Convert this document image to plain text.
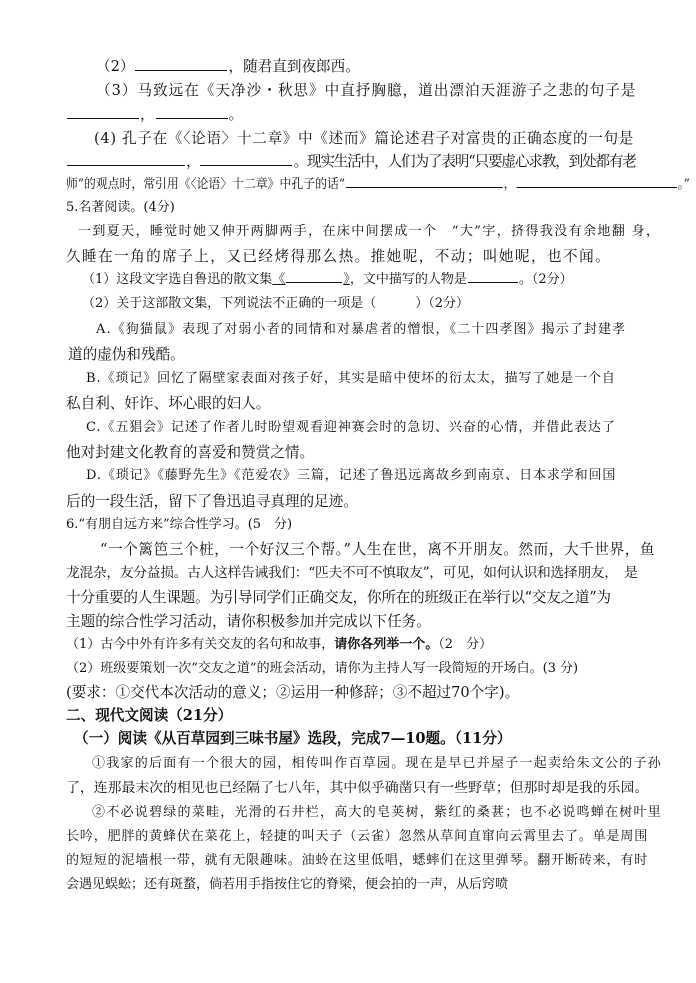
（2）	，随君直到夜郎西。
（3）马致远在《天净沙・秋思》中直抒胸臆，道出漂泊天涯游子之悲的句子是
，	。
(4) 孔子在《〈论语〉十二章》中《述而》篇论述君子对富贵的正确态度的一句是
，	。现实生活中，人们为了表明“只要虚心求教，到处都有老
师”的观点时，常引用《〈论语〉十二章》中孔子的话“	，	。”
5.名著阅读。(4分)
一到夏天，睡觉时她又伸开两脚两手，在床中间摆成一个　“大”字，挤得我没有余地翻 身，
久睡在一角的席子上，又已经烤得那么热。推她呢，不动；叫她呢，也不闻。
（1）这段文字选自鲁迅的散文集《	》，文中描写的人物是	。（2分）
（2）关于这部散文集，下列说法不正确的一项是（　　　）（2分）
A.《狗猫鼠》表现了对弱小者的同情和对暴虐者的憎恨，《二十四孝图》揭示了封建孝
道的虚伪和残酷。
B.《琐记》回忆了隔壁家表面对孩子好，其实是暗中使坏的衍太太，描写了她是一个自
私自利、奸诈、坏心眼的妇人。
C.《五猖会》记述了作者儿时盼望观看迎神赛会时的急切、兴奋的心情，并借此表达了
他对封建文化教育的喜爱和赞赏之情。
D.《琐记》《藤野先生》《范爱农》三篇，记述了鲁迅远离故乡到南京、日本求学和回国
后的一段生活，留下了鲁迅追寻真理的足迹。
6.“有朋自远方来”综合性学习。(5　分)
“一个篱笆三个桩，一个好汉三个帮。”人生在世，离不开朋友。然而，大千世界，鱼
龙混杂，友分益损。古人这样告诫我们：“匹夫不可不慎取友”，可见，如何认识和选择朋友，　是
十分重要的人生课题。为引导同学们正确交友，你所在的班级正在举行以“交友之道”为
主题的综合性学习活动，请你积极参加并完成以下任务。
（1）古今中外有许多有关交友的名句和故事，请你各列举一个。（2　分）
（2）班级要策划一次“交友之道”的班会活动，请你为主持人写一段简短的开场白。(3 分)
(要求：①交代本次活动的意义；②运用一种修辞；③不超过70个字)。
二、现代文阅读（21分）
（一）阅读《从百草园到三味书屋》选段，完成7—10题。（11分）
①我家的后面有一个很大的园，相传叫作百草园。现在是早已并屋子一起卖给朱文公的子孙
了，连那最末次的相见也已经隔了七八年，其中似乎确凿只有一些野草；但那时却是我的乐园。
②不必说碧绿的菜畦，光滑的石井栏，高大的皂荚树，紫红的桑葚；也不必说鸣蝉在树叶里
长吟，肥胖的黄蜂伏在菜花上，轻捷的叫天子（云雀）忽然从草间直窜向云霄里去了。单是周围
的短短的泥墙根一带，就有无限趣味。油蛉在这里低唱，蟋蟀们在这里弹琴。翻开断砖来，有时
会遇见蜈蚣；还有斑蝥，倘若用手指按住它的脊梁，便会拍的一声，从后窍喷
